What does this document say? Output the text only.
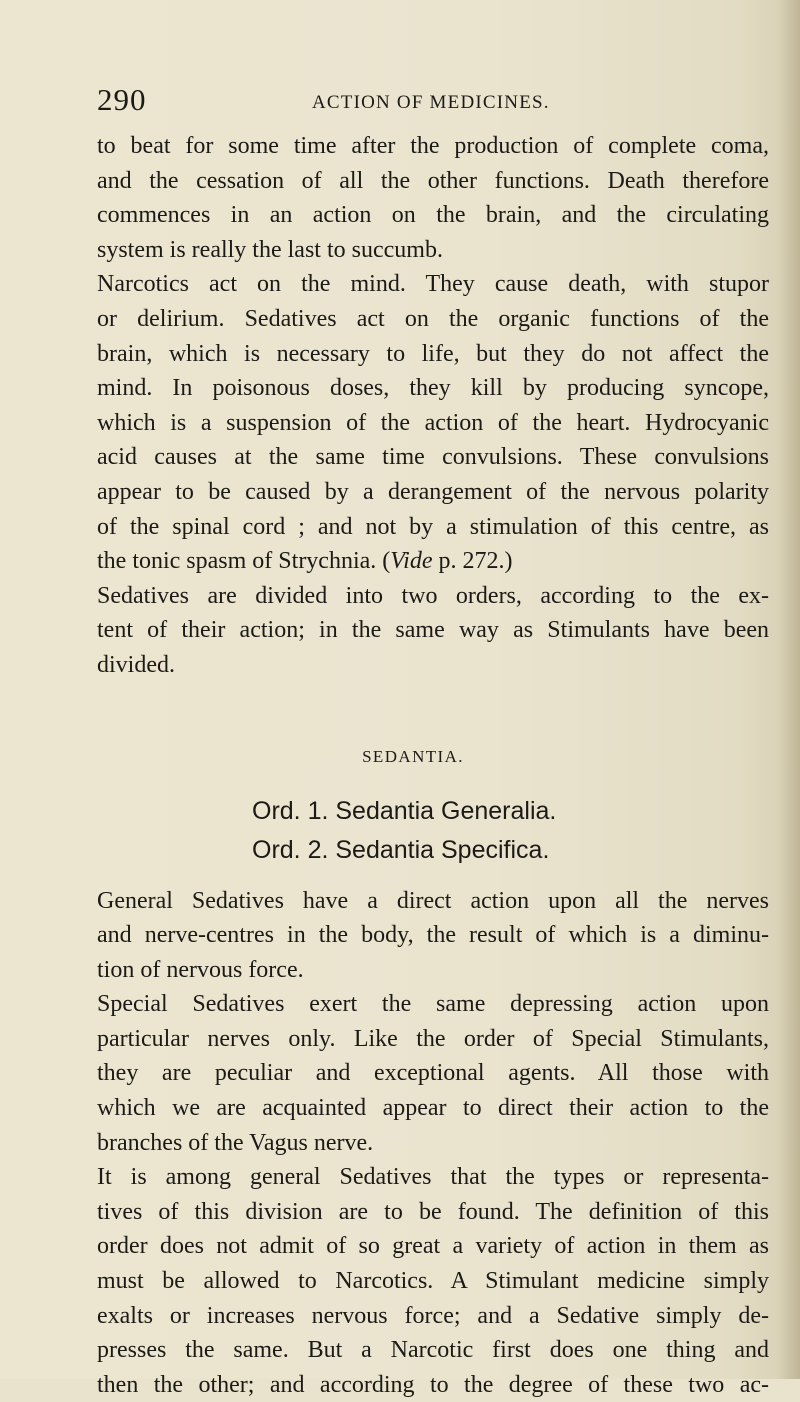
290	ACTION OF MEDICINES.
to beat for some time after the production of complete coma,
and the cessation of all the other functions. Death therefore
commences in an action on the brain, and the circulating
system is really the last to succumb.
Narcotics act on the mind. They cause death, with stupor
or delirium. Sedatives act on the organic functions of the
brain, which is necessary to life, but they do not affect the
mind. In poisonous doses, they kill by producing syncope,
which is a suspension of the action of the heart. Hydrocyanic
acid causes at the same time convulsions. These convulsions
appear to be caused by a derangement of the nervous polarity
of the spinal cord ; and not by a stimulation of this centre, as
the tonic spasm of Strychnia. (Vide p. 272.)
Sedatives are divided into two orders, according to the ex-
tent of their action; in the same way as Stimulants have been
divided.
SEDANTIA.
Ord. 1. Sedantia Generalia.
Ord. 2. Sedantia Specifica.
General Sedatives have a direct action upon all the nerves
and nerve-centres in the body, the result of which is a diminu-
tion of nervous force.
Special Sedatives exert the same depressing action upon
particular nerves only. Like the order of Special Stimulants,
they are peculiar and exceptional agents. All those with
which we are acquainted appear to direct their action to the
branches of the Vagus nerve.
It is among general Sedatives that the types or representa-
tives of this division are to be found. The definition of this
order does not admit of so great a variety of action in them as
must be allowed to Narcotics. A Stimulant medicine simply
exalts or increases nervous force; and a Sedative simply de-
presses the same. But a Narcotic first does one thing and
then the other; and according to the degree of these two ac-
